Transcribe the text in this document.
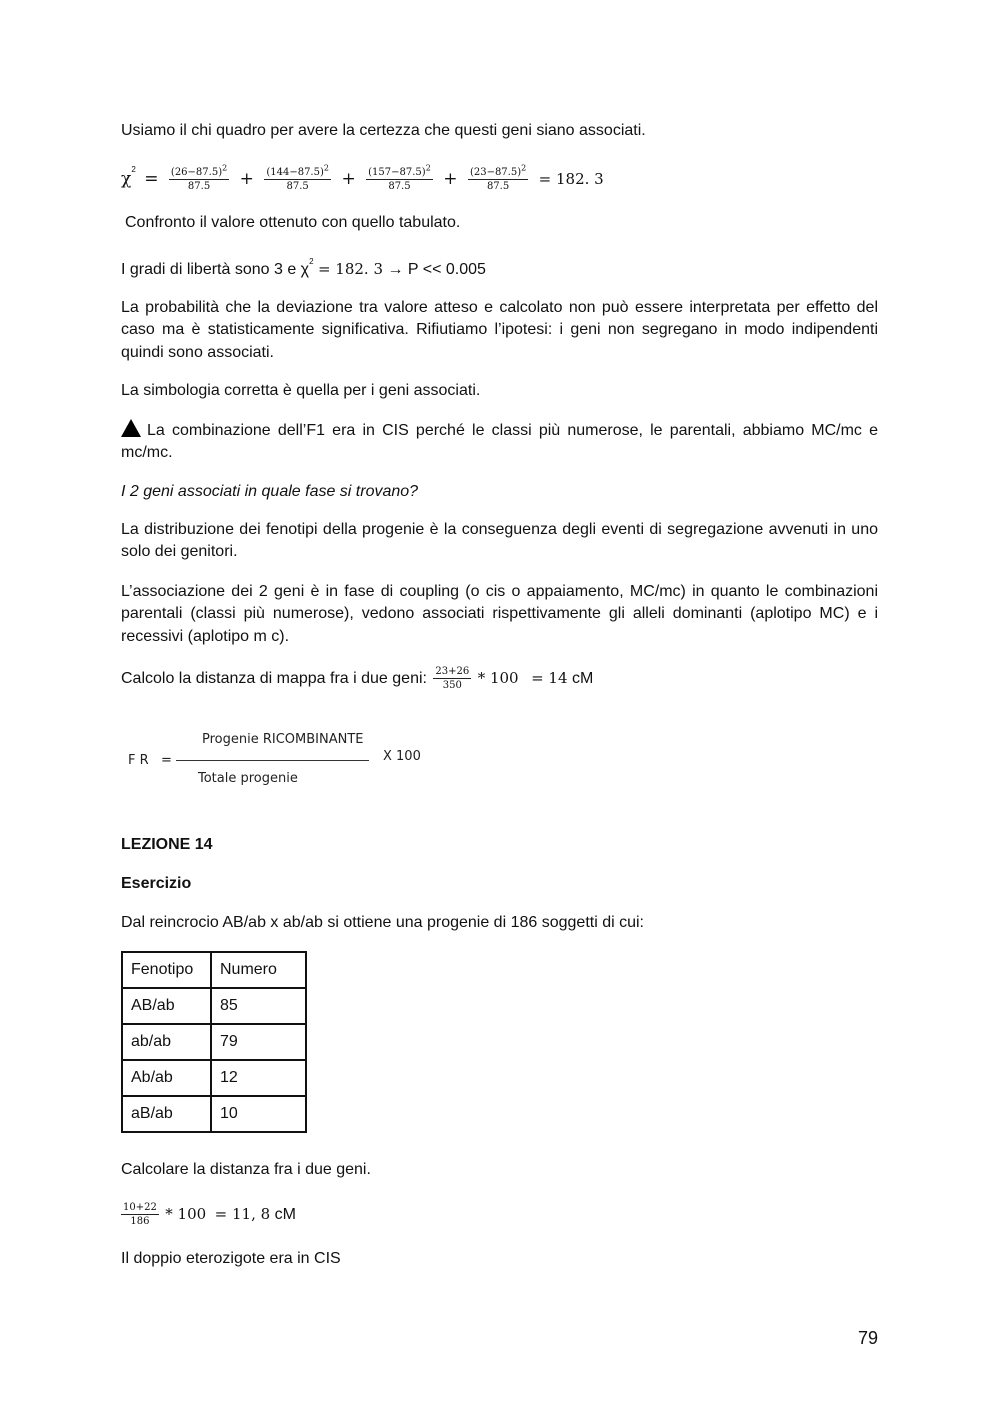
Usiamo il chi quadro per avere la certezza che questi geni siano associati.
$\chi^2 = \frac{(26-87.5)^2}{87.5} + \frac{(144-87.5)^2}{87.5} + \frac{(157-87.5)^2}{87.5} + \frac{(23-87.5)^2}{87.5} = 182$. 3
Confronto il valore ottenuto con quello tabulato.
I gradi di libertà sono 3 e $\chi^2 = 182$. 3 → P << 0.005
La probabilità che la deviazione tra valore atteso e calcolato non può essere interpretata per effetto del caso ma è statisticamente significativa. Rifiutiamo l’ipotesi: i geni non segregano in modo indipendenti quindi sono associati.
La simbologia corretta è quella per i geni associati.
La combinazione dell’F1 era in CIS perché le classi più numerose, le parentali, abbiamo MC/mc e mc/mc.
I 2 geni associati in quale fase si trovano?
La distribuzione dei fenotipi della progenie è la conseguenza degli eventi di segregazione avvenuti in uno solo dei genitori.
L’associazione dei 2 geni è in fase di coupling (o cis o appaiamento, MC/mc) in quanto le combinazioni parentali (classi più numerose), vedono associati rispettivamente gli alleli dominanti (aplotipo MC) e i recessivi (aplotipo m c).
Calcolo la distanza di mappa fra i due geni: $\frac{23+26}{350} * 100 = 14$ cM
F R =
Progenie RICOMBINANTE
Totale progenie
X 100
LEZIONE 14
Esercizio
Dal reincrocio AB/ab x ab/ab si ottiene una progenie di 186 soggetti di cui:
Fenotipo	Numero
AB/ab	85
ab/ab	79
Ab/ab	12
aB/ab	10
Calcolare la distanza fra i due geni.
$\frac{10+22}{186} * 100 = 11$, 8 cM
Il doppio eterozigote era in CIS
79
